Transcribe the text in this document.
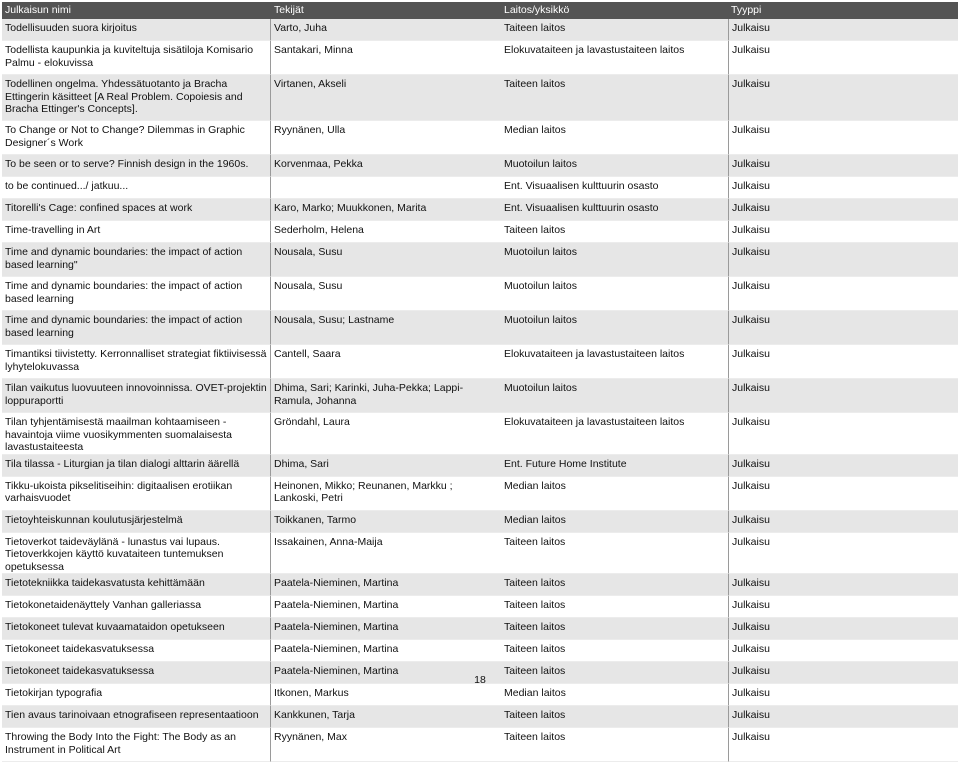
Julkaisun nimi	Tekijät	Laitos/yksikkö	Tyyppi
Todellisuuden suora kirjoitus	Varto, Juha	Taiteen laitos	Julkaisu
Todellista kaupunkia ja kuviteltuja sisätiloja Komisario Palmu - elokuvissa	Santakari, Minna	Elokuvataiteen ja lavastustaiteen laitos	Julkaisu
Todellinen ongelma. Yhdessätuotanto ja Bracha Ettingerin käsitteet [A Real Problem. Copoiesis and Bracha Ettinger's Concepts].	Virtanen, Akseli	Taiteen laitos	Julkaisu
To Change or Not to Change? Dilemmas in Graphic Designer´s Work	Ryynänen, Ulla	Median laitos	Julkaisu
To be seen or to serve? Finnish design in the 1960s.	Korvenmaa, Pekka	Muotoilun laitos	Julkaisu
to be continued.../ jatkuu...		Ent. Visuaalisen kulttuurin osasto	Julkaisu
Titorelli's Cage: confined spaces at work	Karo, Marko; Muukkonen, Marita	Ent. Visuaalisen kulttuurin osasto	Julkaisu
Time-travelling in Art	Sederholm, Helena	Taiteen laitos	Julkaisu
Time and dynamic boundaries: the impact of action based learning"	Nousala, Susu	Muotoilun laitos	Julkaisu
Time and dynamic boundaries: the impact of action based learning	Nousala, Susu	Muotoilun laitos	Julkaisu
Time and dynamic boundaries: the impact of action based learning	Nousala, Susu; Lastname	Muotoilun laitos	Julkaisu
Timantiksi tiivistetty. Kerronnalliset strategiat fiktiivisessä lyhytelokuvassa	Cantell, Saara	Elokuvataiteen ja lavastustaiteen laitos	Julkaisu
Tilan vaikutus luovuuteen innovoinnissa. OVET-projektin loppuraportti	Dhima, Sari; Karinki, Juha-Pekka; Lappi-Ramula, Johanna	Muotoilun laitos	Julkaisu
Tilan tyhjentämisestä maailman kohtaamiseen - havaintoja viime vuosikymmenten suomalaisesta lavastustaiteesta	Gröndahl, Laura	Elokuvataiteen ja lavastustaiteen laitos	Julkaisu
Tila tilassa - Liturgian ja tilan dialogi alttarin äärellä	Dhima, Sari	Ent. Future Home Institute	Julkaisu
Tikku-ukoista pikselitiseihin: digitaalisen erotiikan varhaisvuodet	Heinonen, Mikko; Reunanen, Markku ; Lankoski, Petri	Median laitos	Julkaisu
Tietoyhteiskunnan koulutusjärjestelmä	Toikkanen, Tarmo	Median laitos	Julkaisu
Tietoverkot taideväylänä - lunastus vai lupaus. Tietoverkkojen käyttö kuvataiteen tuntemuksen opetuksessa	Issakainen, Anna-Maija	Taiteen laitos	Julkaisu
Tietotekniikka taidekasvatusta kehittämään	Paatela-Nieminen, Martina	Taiteen laitos	Julkaisu
Tietokonetaidenäyttely Vanhan galleriassa	Paatela-Nieminen, Martina	Taiteen laitos	Julkaisu
Tietokoneet tulevat kuvaamataidon opetukseen	Paatela-Nieminen, Martina	Taiteen laitos	Julkaisu
Tietokoneet taidekasvatuksessa	Paatela-Nieminen, Martina	Taiteen laitos	Julkaisu
Tietokoneet taidekasvatuksessa	Paatela-Nieminen, Martina	Taiteen laitos	Julkaisu
Tietokirjan typografia	Itkonen, Markus	Median laitos	Julkaisu
Tien avaus tarinoivaan etnografiseen representaatioon	Kankkunen, Tarja	Taiteen laitos	Julkaisu
Throwing the Body Into the Fight: The Body as an Instrument in Political Art	Ryynänen, Max	Taiteen laitos	Julkaisu
18
